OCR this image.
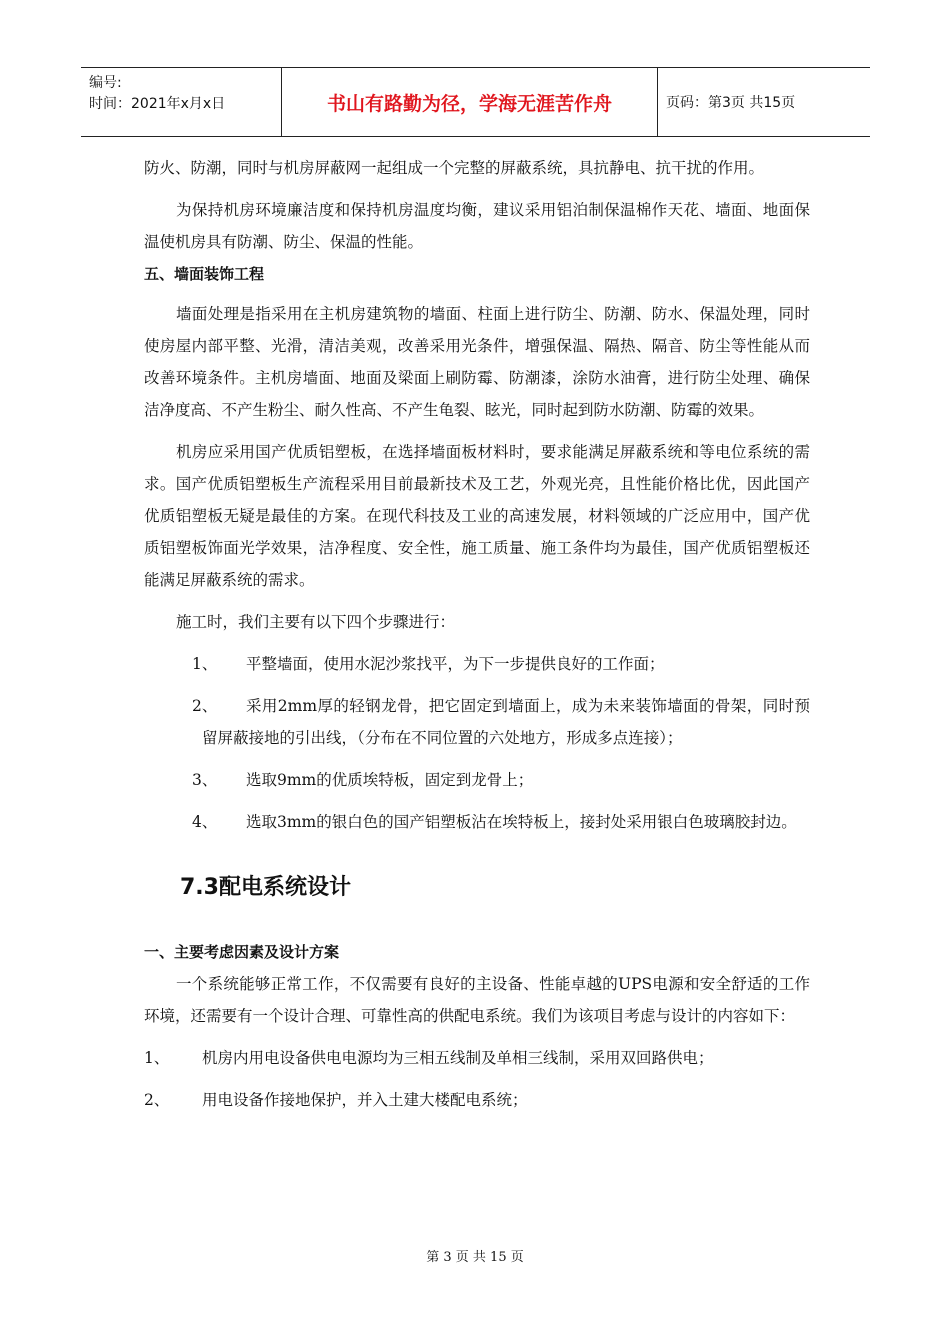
编号:
时间：2021年x月x日	书山有路勤为径，学海无涯苦作舟	页码：第3页 共15页

防火、防潮，同时与机房屏蔽网一起组成一个完整的屏蔽系统，具抗静电、抗干扰的作用。

为保持机房环境廉洁度和保持机房温度均衡，建议采用铝泊制保温棉作天花、墙面、地面保温使机房具有防潮、防尘、保温的性能。

五、墙面装饰工程

墙面处理是指采用在主机房建筑物的墙面、柱面上进行防尘、防潮、防水、保温处理，同时使房屋内部平整、光滑，清洁美观，改善采用光条件，增强保温、隔热、隔音、防尘等性能从而改善环境条件。主机房墙面、地面及梁面上刷防霉、防潮漆，涂防水油膏，进行防尘处理、确保洁净度高、不产生粉尘、耐久性高、不产生龟裂、眩光，同时起到防水防潮、防霉的效果。

机房应采用国产优质铝塑板，在选择墙面板材料时，要求能满足屏蔽系统和等电位系统的需求。国产优质铝塑板生产流程采用目前最新技术及工艺，外观光亮，且性能价格比优，因此国产优质铝塑板无疑是最佳的方案。在现代科技及工业的高速发展，材料领域的广泛应用中，国产优质铝塑板饰面光学效果，洁净程度、安全性，施工质量、施工条件均为最佳，国产优质铝塑板还能满足屏蔽系统的需求。

施工时，我们主要有以下四个步骤进行：

1、	平整墙面，使用水泥沙浆找平，为下一步提供良好的工作面；
2、	采用2mm厚的轻钢龙骨，把它固定到墙面上，成为未来装饰墙面的骨架，同时预留屏蔽接地的引出线，（分布在不同位置的六处地方，形成多点连接）；
3、	选取9mm的优质埃特板，固定到龙骨上；
4、	选取3mm的银白色的国产铝塑板沾在埃特板上，接封处采用银白色玻璃胶封边。

7.3配电系统设计

一、主要考虑因素及设计方案

一个系统能够正常工作，不仅需要有良好的主设备、性能卓越的UPS电源和安全舒适的工作环境，还需要有一个设计合理、可靠性高的供配电系统。我们为该项目考虑与设计的内容如下：

1、	机房内用电设备供电电源均为三相五线制及单相三线制，采用双回路供电；
2、	用电设备作接地保护，并入土建大楼配电系统；
第 3 页 共 15 页
